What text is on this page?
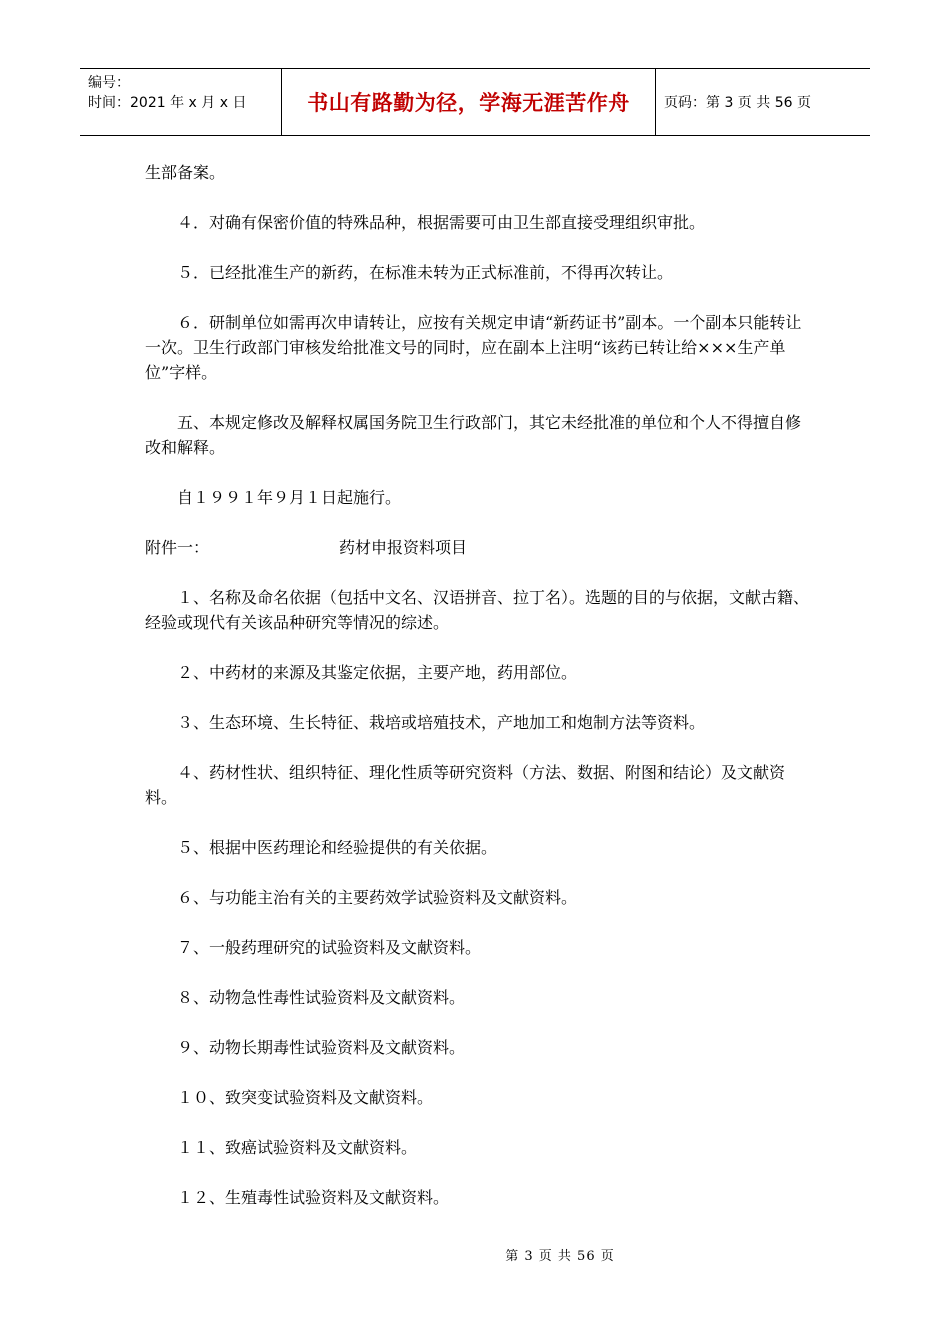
编号：
时间：2021 年 x 月 x 日	书山有路勤为径，学海无涯苦作舟	页码：第 3 页 共 56 页

生部备案。

４．对确有保密价值的特殊品种，根据需要可由卫生部直接受理组织审批。

５．已经批准生产的新药，在标准未转为正式标准前，不得再次转让。

６．研制单位如需再次申请转让，应按有关规定申请“新药证书”副本。一个副本只能转让一次。卫生行政部门审核发给批准文号的同时，应在副本上注明“该药已转让给×××生产单位”字样。

五、本规定修改及解释权属国务院卫生行政部门，其它未经批准的单位和个人不得擅自修改和解释。

自１９９１年９月１日起施行。

附件一：	药材申报资料项目

１、名称及命名依据（包括中文名、汉语拼音、拉丁名）。选题的目的与依据，文献古籍、经验或现代有关该品种研究等情况的综述。

２、中药材的来源及其鉴定依据，主要产地，药用部位。

３、生态环境、生长特征、栽培或培殖技术，产地加工和炮制方法等资料。

４、药材性状、组织特征、理化性质等研究资料（方法、数据、附图和结论）及文献资料。

５、根据中医药理论和经验提供的有关依据。

６、与功能主治有关的主要药效学试验资料及文献资料。

７、一般药理研究的试验资料及文献资料。

８、动物急性毒性试验资料及文献资料。

９、动物长期毒性试验资料及文献资料。

１０、致突变试验资料及文献资料。

１１、致癌试验资料及文献资料。

１２、生殖毒性试验资料及文献资料。

第 3 页 共 56 页
